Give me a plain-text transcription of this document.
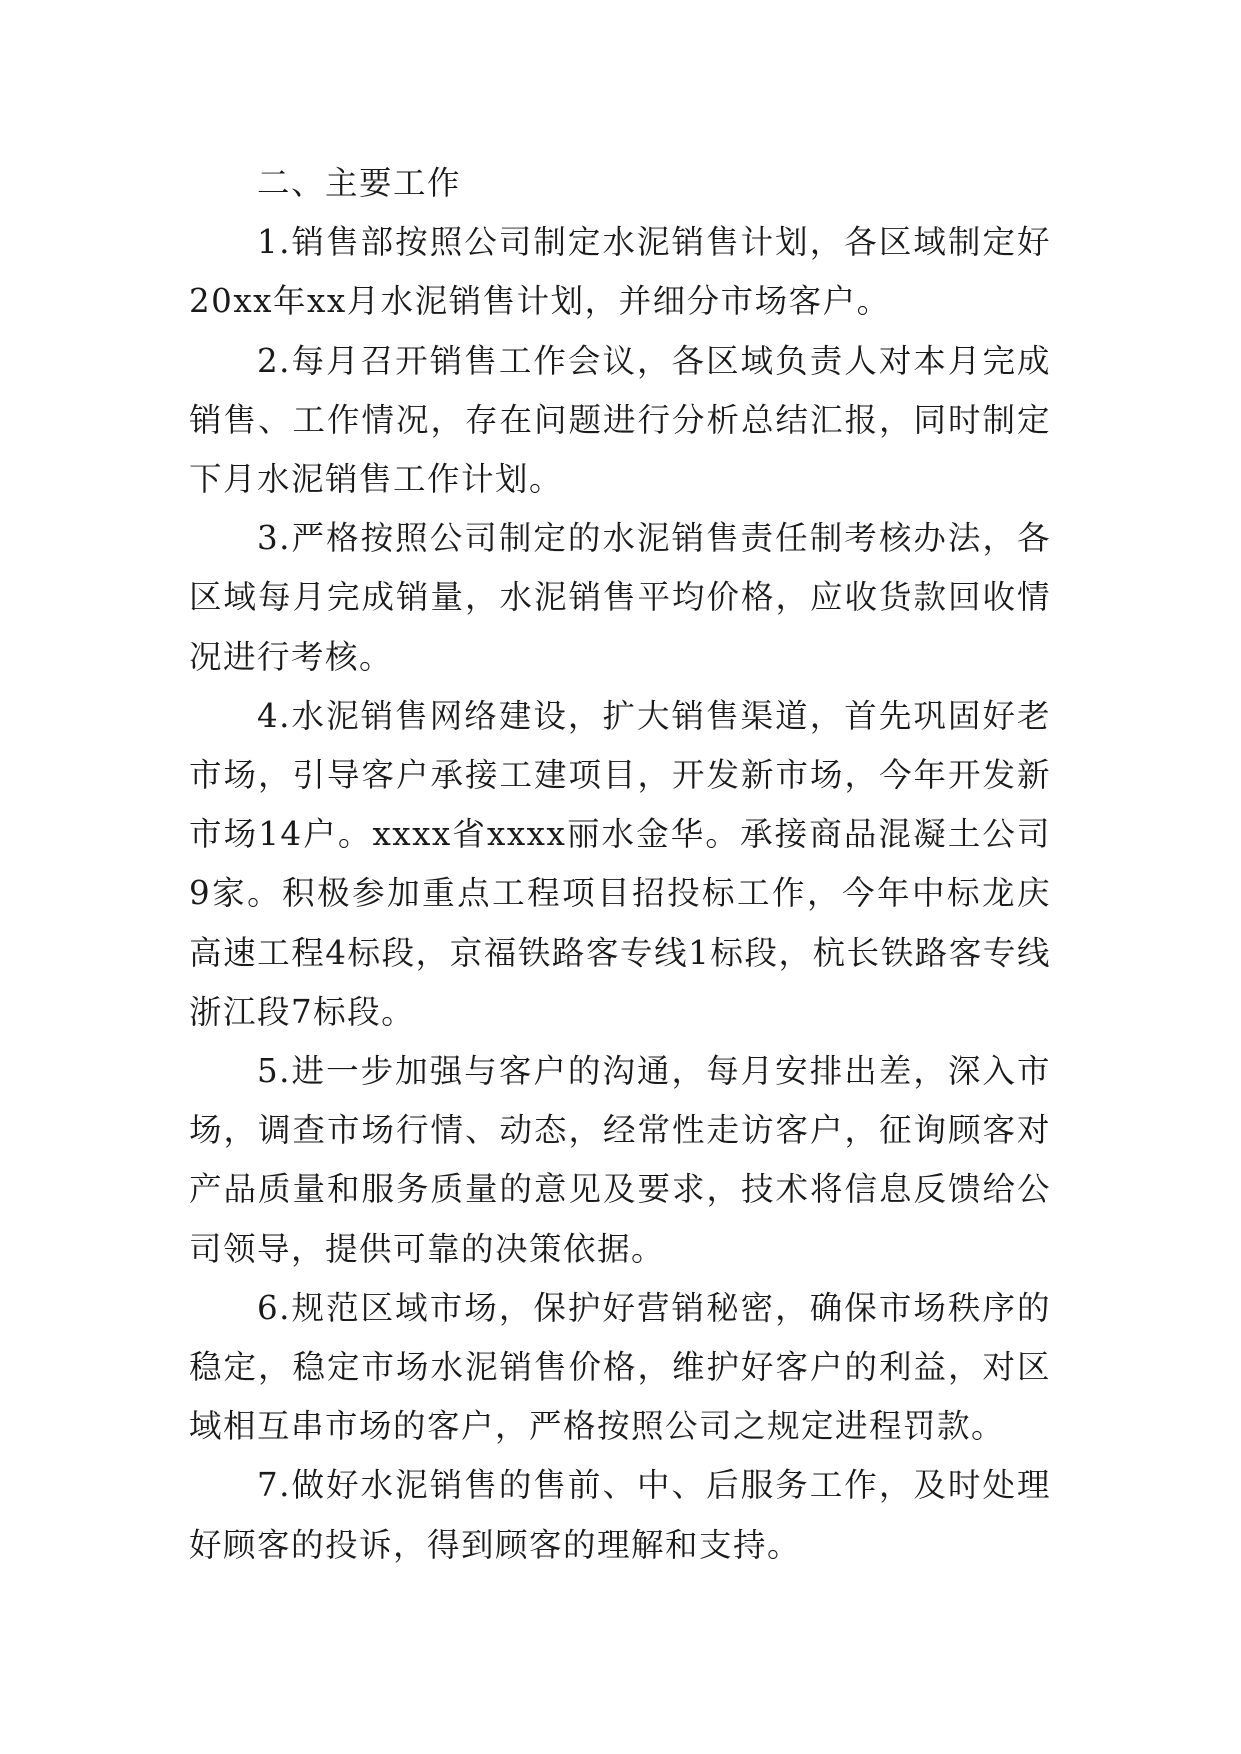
二、主要工作

1.销售部按照公司制定水泥销售计划，各区域制定好20xx年xx月水泥销售计划，并细分市场客户。

2.每月召开销售工作会议，各区域负责人对本月完成销售、工作情况，存在问题进行分析总结汇报，同时制定下月水泥销售工作计划。

3.严格按照公司制定的水泥销售责任制考核办法，各区域每月完成销量，水泥销售平均价格，应收货款回收情况进行考核。

4.水泥销售网络建设，扩大销售渠道，首先巩固好老市场，引导客户承接工建项目，开发新市场，今年开发新市场14户。xxxx省xxxx丽水金华。承接商品混凝土公司9家。积极参加重点工程项目招投标工作，今年中标龙庆高速工程4标段，京福铁路客专线1标段，杭长铁路客专线浙江段7标段。

5.进一步加强与客户的沟通，每月安排出差，深入市场，调查市场行情、动态，经常性走访客户，征询顾客对产品质量和服务质量的意见及要求，技术将信息反馈给公司领导，提供可靠的决策依据。

6.规范区域市场，保护好营销秘密，确保市场秩序的稳定，稳定市场水泥销售价格，维护好客户的利益，对区域相互串市场的客户，严格按照公司之规定进程罚款。

7.做好水泥销售的售前、中、后服务工作，及时处理好顾客的投诉，得到顾客的理解和支持。
